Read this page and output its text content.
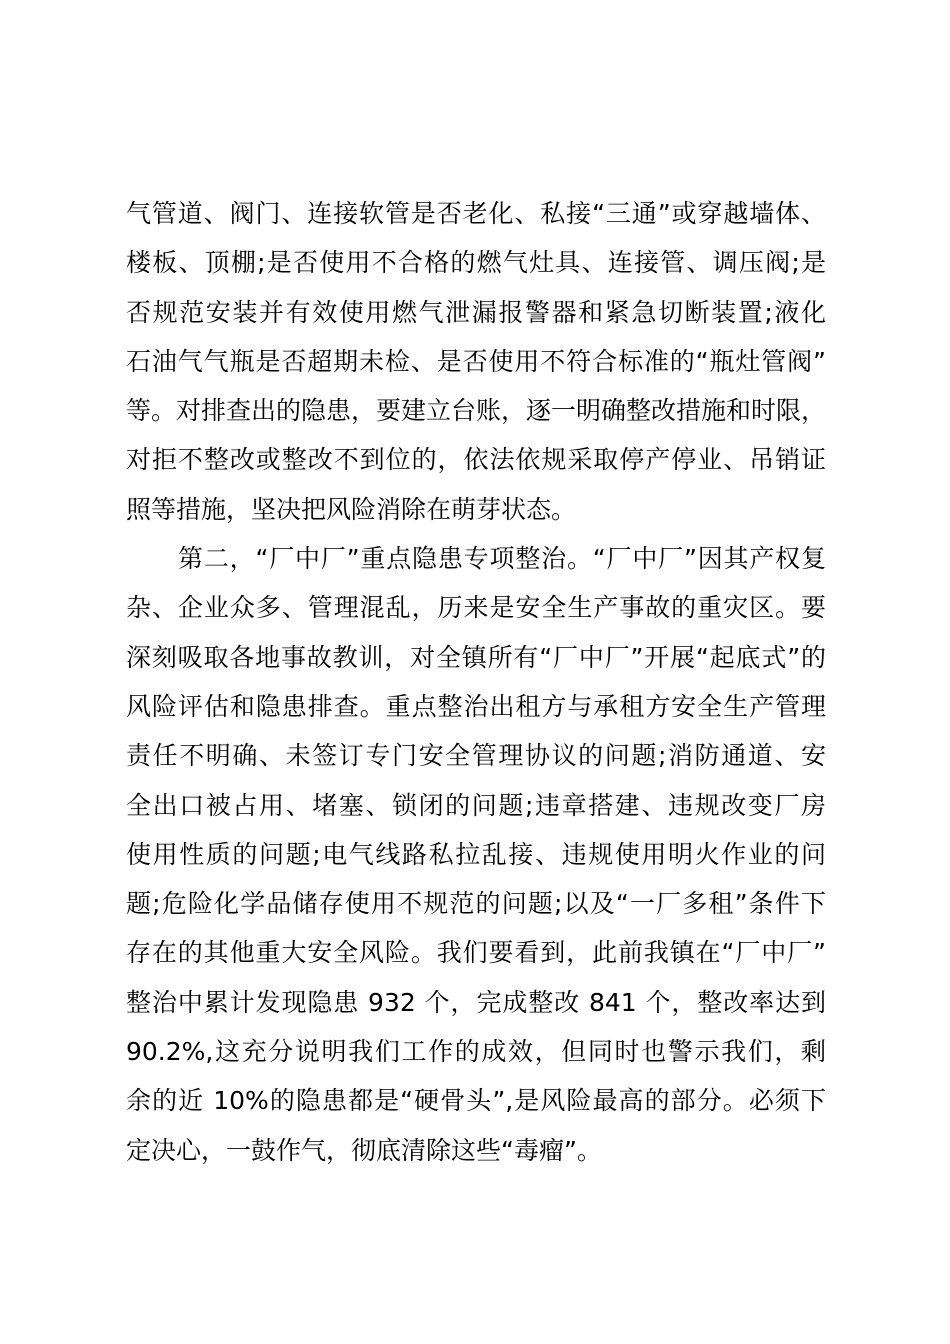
气管道、阀门、连接软管是否老化、私接“三通”或穿越墙体、
楼板、顶棚;是否使用不合格的燃气灶具、连接管、调压阀;是
否规范安装并有效使用燃气泄漏报警器和紧急切断装置;液化
石油气气瓶是否超期未检、是否使用不符合标准的“瓶灶管阀”
等。对排查出的隐患，要建立台账，逐一明确整改措施和时限，
对拒不整改或整改不到位的，依法依规采取停产停业、吊销证
照等措施，坚决把风险消除在萌芽状态。
第二，“厂中厂”重点隐患专项整治。“厂中厂”因其产权复
杂、企业众多、管理混乱，历来是安全生产事故的重灾区。要
深刻吸取各地事故教训，对全镇所有“厂中厂”开展“起底式”的
风险评估和隐患排查。重点整治出租方与承租方安全生产管理
责任不明确、未签订专门安全管理协议的问题;消防通道、安
全出口被占用、堵塞、锁闭的问题;违章搭建、违规改变厂房
使用性质的问题;电气线路私拉乱接、违规使用明火作业的问
题;危险化学品储存使用不规范的问题;以及“一厂多租”条件下
存在的其他重大安全风险。我们要看到，此前我镇在“厂中厂”
整治中累计发现隐患 932 个，完成整改 841 个，整改率达到
90.2%,这充分说明我们工作的成效，但同时也警示我们，剩
余的近 10%的隐患都是“硬骨头”,是风险最高的部分。必须下
定决心，一鼓作气，彻底清除这些“毒瘤”。
